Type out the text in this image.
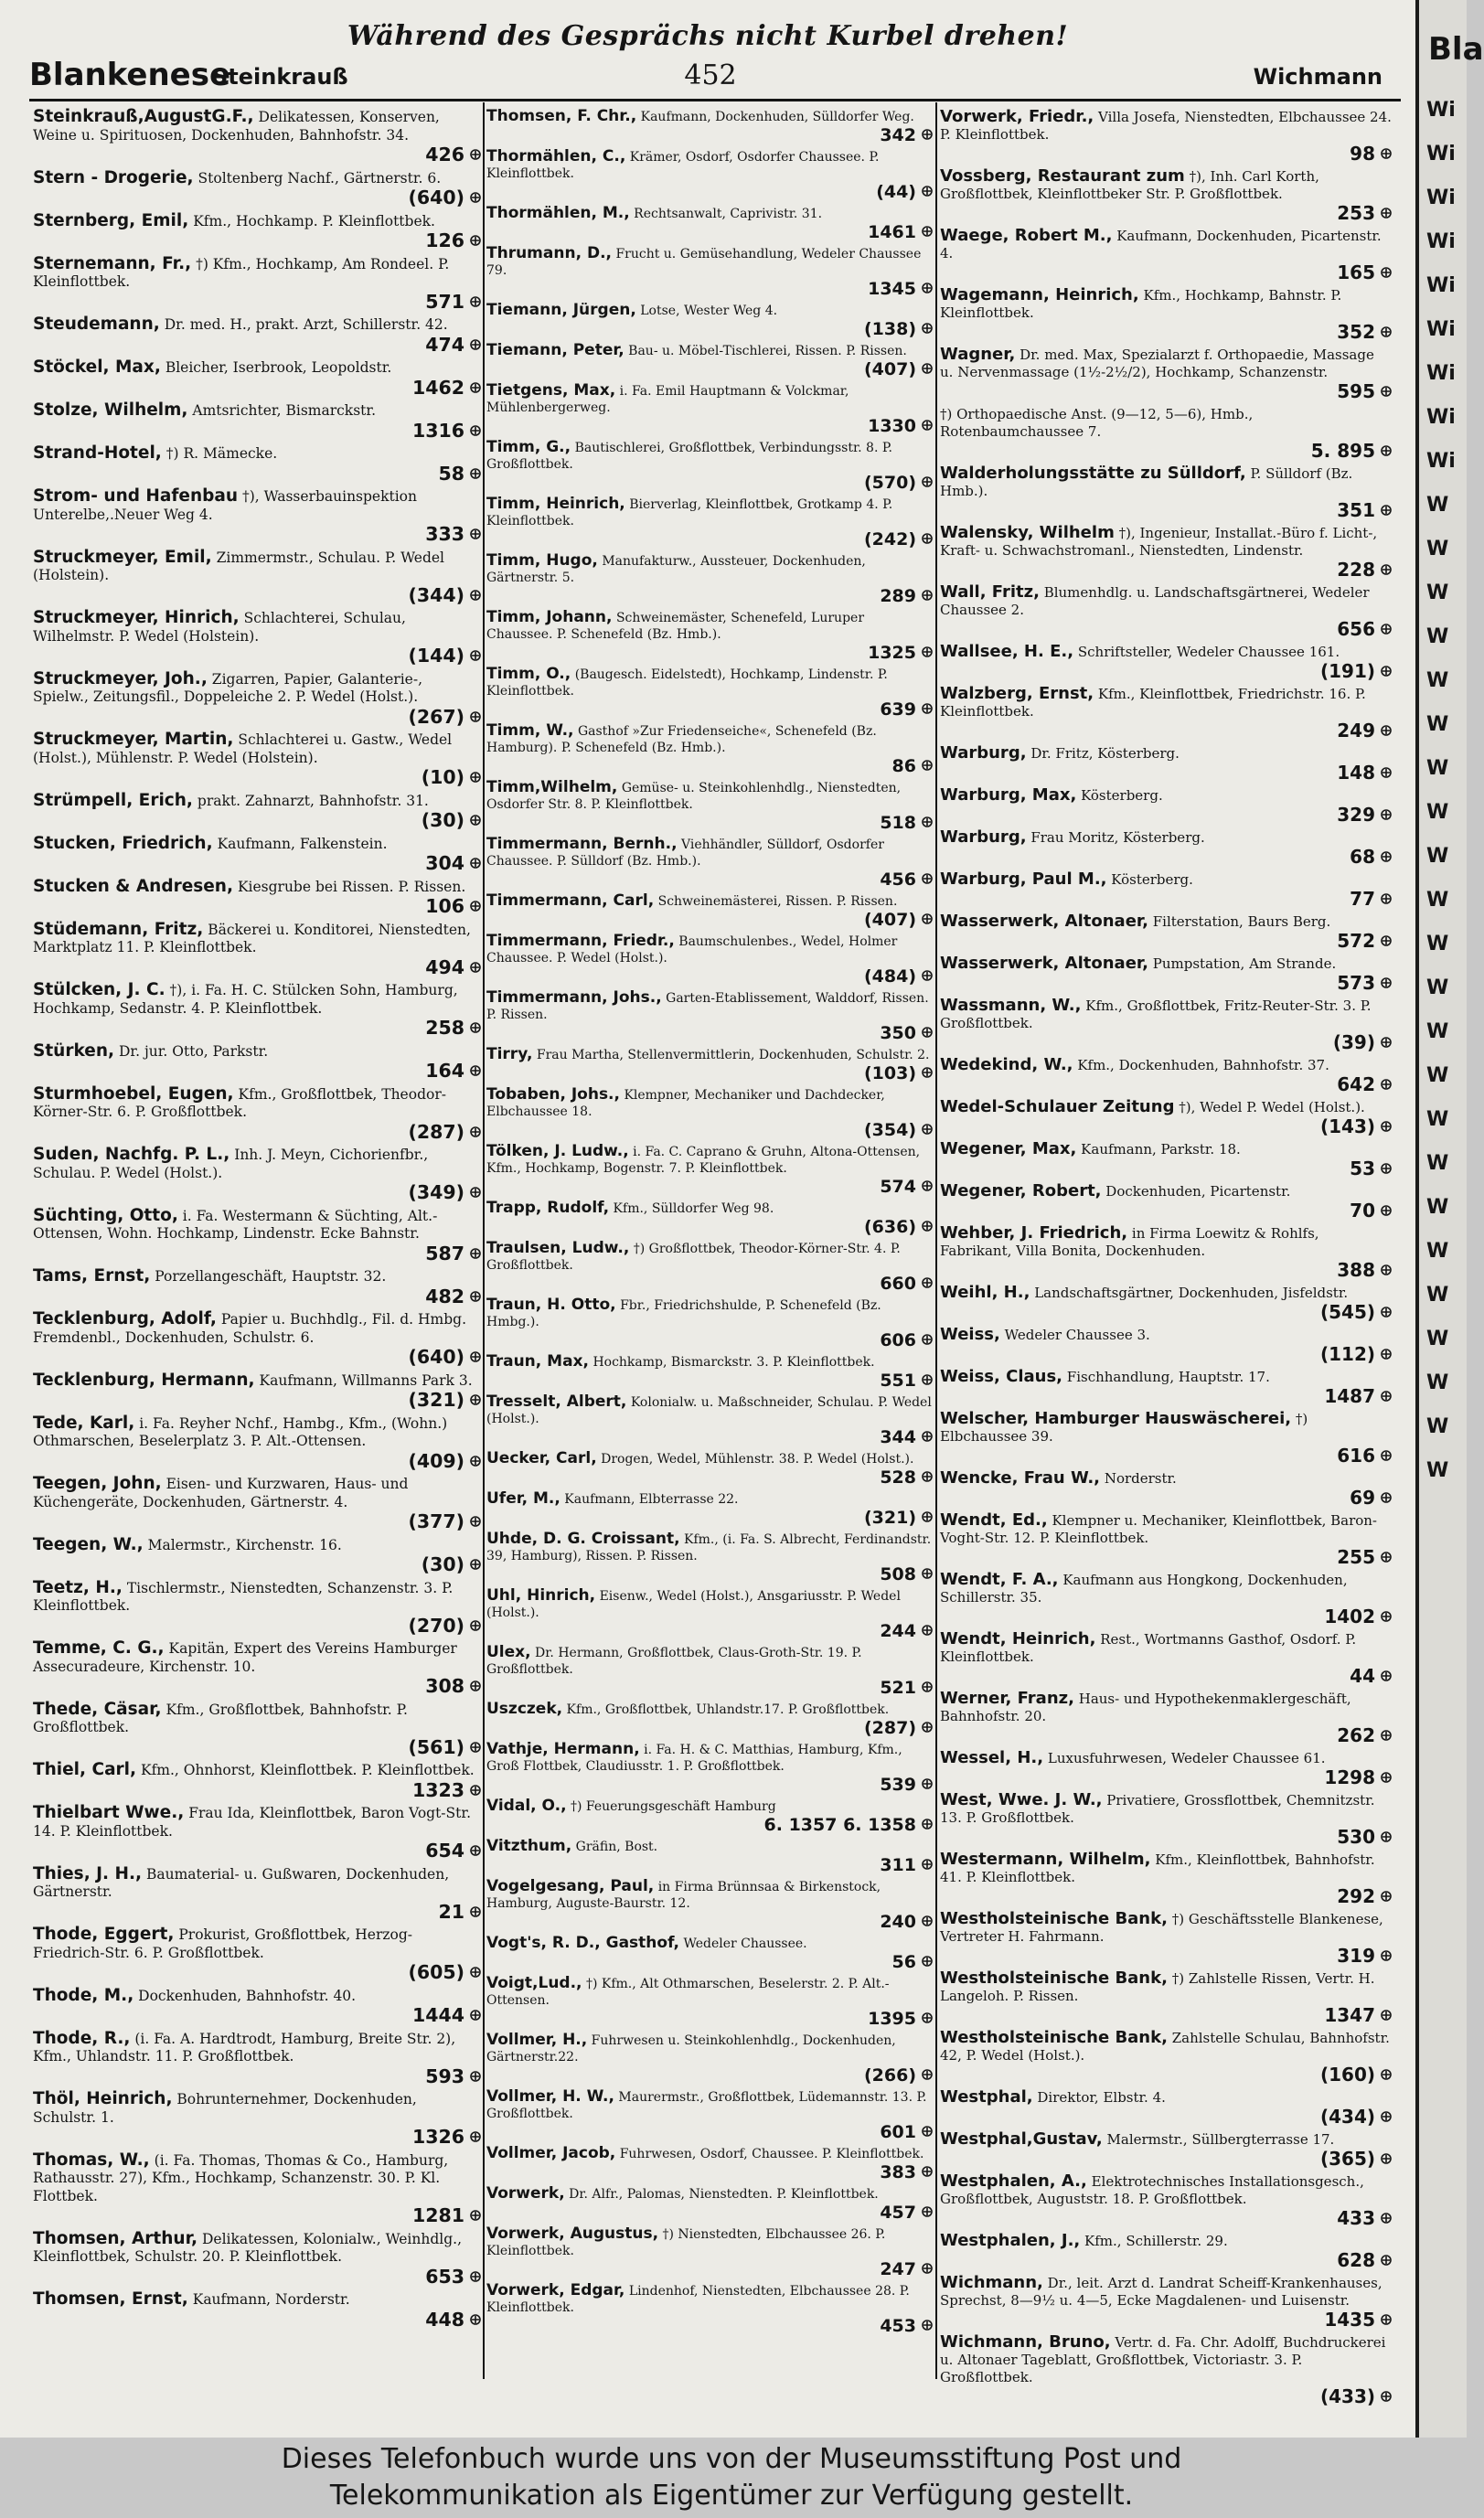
Während des Gesprächs nicht Kurbel drehen!
Blankenese
Steinkrauß	452	Wichmann
Steinkrauß,AugustG.F., Delikatessen, Konserven, Weine u. Spirituosen, Dockenhuden, Bahnhofstr. 34.
426
Stern - Drogerie, Stoltenberg Nachf., Gärtnerstr. 6.
(640)
Sternberg, Emil, Kfm., Hochkamp. P. Kleinflottbek.
126
Sternemann, Fr., †) Kfm., Hochkamp, Am Rondeel. P. Kleinflottbek.
571
Steudemann, Dr. med. H., prakt. Arzt, Schillerstr. 42.
474
Stöckel, Max, Bleicher, Iserbrook, Leopoldstr.
1462
Stolze, Wilhelm, Amtsrichter, Bismarckstr.
1316
Strand-Hotel, †) R. Mämecke.
58
Strom- und Hafenbau †), Wasserbauinspektion Unterelbe,.Neuer Weg 4.
333
Struckmeyer, Emil, Zimmermstr., Schulau. P. Wedel (Holstein).
(344)
Struckmeyer, Hinrich, Schlachterei, Schulau, Wilhelmstr. P. Wedel (Holstein).
(144)
Struckmeyer, Joh., Zigarren, Papier, Galanterie-, Spielw., Zeitungsfil., Doppeleiche 2. P. Wedel (Holst.).
(267)
Struckmeyer, Martin, Schlachterei u. Gastw., Wedel (Holst.), Mühlenstr. P. Wedel (Holstein).
(10)
Strümpell, Erich, prakt. Zahnarzt, Bahnhofstr. 31.
(30)
Stucken, Friedrich, Kaufmann, Falkenstein.
304
Stucken & Andresen, Kiesgrube bei Rissen. P. Rissen.
106
Stüdemann, Fritz, Bäckerei u. Konditorei, Nienstedten, Marktplatz 11. P. Kleinflottbek.
494
Stülcken, J. C. †), i. Fa. H. C. Stülcken Sohn, Hamburg, Hochkamp, Sedanstr. 4. P. Kleinflottbek.
258
Stürken, Dr. jur. Otto, Parkstr.
164
Sturmhoebel, Eugen, Kfm., Großflottbek, Theodor-Körner-Str. 6. P. Großflottbek.
(287)
Suden, Nachfg. P. L., Inh. J. Meyn, Cichorienfbr., Schulau. P. Wedel (Holst.).
(349)
Süchting, Otto, i. Fa. Westermann & Süchting, Alt.-Ottensen, Wohn. Hochkamp, Lindenstr. Ecke Bahnstr.
587
Tams, Ernst, Porzellangeschäft, Hauptstr. 32.
482
Tecklenburg, Adolf, Papier u. Buchhdlg., Fil. d. Hmbg. Fremdenbl., Dockenhuden, Schulstr. 6.
(640)
Tecklenburg, Hermann, Kaufmann, Willmanns Park 3.
(321)
Tede, Karl, i. Fa. Reyher Nchf., Hambg., Kfm., (Wohn.) Othmarschen, Beselerplatz 3. P. Alt.-Ottensen.
(409)
Teegen, John, Eisen- und Kurzwaren, Haus- und Küchengeräte, Dockenhuden, Gärtnerstr. 4.
(377)
Teegen, W., Malermstr., Kirchenstr. 16.
(30)
Teetz, H., Tischlermstr., Nienstedten, Schanzenstr. 3. P. Kleinflottbek.
(270)
Temme, C. G., Kapitän, Expert des Vereins Hamburger Assecuradeure, Kirchenstr. 10.
308
Thede, Cäsar, Kfm., Großflottbek, Bahnhofstr. P. Großflottbek.
(561)
Thiel, Carl, Kfm., Ohnhorst, Kleinflottbek. P. Kleinflottbek.
1323
Thielbart Wwe., Frau Ida, Kleinflottbek, Baron Vogt-Str. 14. P. Kleinflottbek.
654
Thies, J. H., Baumaterial- u. Gußwaren, Dockenhuden, Gärtnerstr.
21
Thode, Eggert, Prokurist, Großflottbek, Herzog-Friedrich-Str. 6. P. Großflottbek.
(605)
Thode, M., Dockenhuden, Bahnhofstr. 40.
1444
Thode, R., (i. Fa. A. Hardtrodt, Hamburg, Breite Str. 2), Kfm., Uhlandstr. 11. P. Großflottbek.
593
Thöl, Heinrich, Bohrunternehmer, Dockenhuden, Schulstr. 1.
1326
Thomas, W., (i. Fa. Thomas, Thomas & Co., Hamburg, Rathausstr. 27), Kfm., Hochkamp, Schanzenstr. 30. P. Kl. Flottbek.
1281
Thomsen, Arthur, Delikatessen, Kolonialw., Weinhdlg., Kleinflottbek, Schulstr. 20. P. Kleinflottbek.
653
Thomsen, Ernst, Kaufmann, Norderstr.
448
Thomsen, F. Chr., Kaufmann, Dockenhuden, Sülldorfer Weg.
342
Thormählen, C., Krämer, Osdorf, Osdorfer Chaussee. P. Kleinflottbek.
(44)
Thormählen, M., Rechtsanwalt, Caprivistr. 31.
1461
Thrumann, D., Frucht u. Gemüsehandlung, Wedeler Chaussee 79.
1345
Tiemann, Jürgen, Lotse, Wester Weg 4.
(138)
Tiemann, Peter, Bau- u. Möbel-Tischlerei, Rissen. P. Rissen.
(407)
Tietgens, Max, i. Fa. Emil Hauptmann & Volckmar, Mühlenbergerweg.
1330
Timm, G., Bautischlerei, Großflottbek, Verbindungsstr. 8. P. Großflottbek.
(570)
Timm, Heinrich, Bierverlag, Kleinflottbek, Grotkamp 4. P. Kleinflottbek.
(242)
Timm, Hugo, Manufakturw., Aussteuer, Dockenhuden, Gärtnerstr. 5.
289
Timm, Johann, Schweinemäster, Schenefeld, Luruper Chaussee. P. Schenefeld (Bz. Hmb.).
1325
Timm, O., (Baugesch. Eidelstedt), Hochkamp, Lindenstr. P. Kleinflottbek.
639
Timm, W., Gasthof »Zur Friedenseiche«, Schenefeld (Bz. Hamburg). P. Schenefeld (Bz. Hmb.).
86
Timm,Wilhelm, Gemüse- u. Steinkohlenhdlg., Nienstedten, Osdorfer Str. 8. P. Kleinflottbek.
518
Timmermann, Bernh., Viehhändler, Sülldorf, Osdorfer Chaussee. P. Sülldorf (Bz. Hmb.).
456
Timmermann, Carl, Schweinemästerei, Rissen. P. Rissen.
(407)
Timmermann, Friedr., Baumschulenbes., Wedel, Holmer Chaussee. P. Wedel (Holst.).
(484)
Timmermann, Johs., Garten-Etablissement, Walddorf, Rissen. P. Rissen.
350
Tirry, Frau Martha, Stellenvermittlerin, Dockenhuden, Schulstr. 2.
(103)
Tobaben, Johs., Klempner, Mechaniker und Dachdecker, Elbchaussee 18.
(354)
Tölken, J. Ludw., i. Fa. C. Caprano & Gruhn, Altona-Ottensen, Kfm., Hochkamp, Bogenstr. 7. P. Kleinflottbek.
574
Trapp, Rudolf, Kfm., Sülldorfer Weg 98.
(636)
Traulsen, Ludw., †) Großflottbek, Theodor-Körner-Str. 4. P. Großflottbek.
660
Traun, H. Otto, Fbr., Friedrichshulde, P. Schenefeld (Bz. Hmbg.).
606
Traun, Max, Hochkamp, Bismarckstr. 3. P. Kleinflottbek.
551
Tresselt, Albert, Kolonialw. u. Maßschneider, Schulau. P. Wedel (Holst.).
344
Uecker, Carl, Drogen, Wedel, Mühlenstr. 38. P. Wedel (Holst.).
528
Ufer, M., Kaufmann, Elbterrasse 22.
(321)
Uhde, D. G. Croissant, Kfm., (i. Fa. S. Albrecht, Ferdinandstr. 39, Hamburg), Rissen. P. Rissen.
508
Uhl, Hinrich, Eisenw., Wedel (Holst.), Ansgariusstr. P. Wedel (Holst.).
244
Ulex, Dr. Hermann, Großflottbek, Claus-Groth-Str. 19. P. Großflottbek.
521
Uszczek, Kfm., Großflottbek, Uhlandstr.17. P. Großflottbek.
(287)
Vathje, Hermann, i. Fa. H. & C. Matthias, Hamburg, Kfm., Groß Flottbek, Claudiusstr. 1. P. Großflottbek.
539
Vidal, O., †) Feuerungsgeschäft Hamburg
6. 1357 6. 1358
Vitzthum, Gräfin, Bost.
311
Vogelgesang, Paul, in Firma Brünnsaa & Birkenstock, Hamburg, Auguste-Baurstr. 12.
240
Vogt's, R. D., Gasthof, Wedeler Chaussee.
56
Voigt,Lud., †) Kfm., Alt Othmarschen, Beselerstr. 2. P. Alt.-Ottensen.
1395
Vollmer, H., Fuhrwesen u. Steinkohlenhdlg., Dockenhuden, Gärtnerstr.22.
(266)
Vollmer, H. W., Maurermstr., Großflottbek, Lüdemannstr. 13. P. Großflottbek.
601
Vollmer, Jacob, Fuhrwesen, Osdorf, Chaussee. P. Kleinflottbek.
383
Vorwerk, Dr. Alfr., Palomas, Nienstedten. P. Kleinflottbek.
457
Vorwerk, Augustus, †) Nienstedten, Elbchaussee 26. P. Kleinflottbek.
247
Vorwerk, Edgar, Lindenhof, Nienstedten, Elbchaussee 28. P. Kleinflottbek.
453
Vorwerk, Friedr., Villa Josefa, Nienstedten, Elbchaussee 24. P. Kleinflottbek.
98
Vossberg, Restaurant zum †), Inh. Carl Korth, Großflottbek, Kleinflottbeker Str. P. Großflottbek.
253
Waege, Robert M., Kaufmann, Dockenhuden, Picartenstr. 4.
165
Wagemann, Heinrich, Kfm., Hochkamp, Bahnstr. P. Kleinflottbek.
352
Wagner, Dr. med. Max, Spezialarzt f. Orthopaedie, Massage u. Nervenmassage (1½-2½/2), Hochkamp, Schanzenstr.
595
†) Orthopaedische Anst. (9—12, 5—6), Hmb., Rotenbaumchaussee 7.
5. 895
Walderholungsstätte zu Sülldorf, P. Sülldorf (Bz. Hmb.).
351
Walensky, Wilhelm †), Ingenieur, Installat.-Büro f. Licht-, Kraft- u. Schwachstromanl., Nienstedten, Lindenstr.
228
Wall, Fritz, Blumenhdlg. u. Landschaftsgärtnerei, Wedeler Chaussee 2.
656
Wallsee, H. E., Schriftsteller, Wedeler Chaussee 161.
(191)
Walzberg, Ernst, Kfm., Kleinflottbek, Friedrichstr. 16. P. Kleinflottbek.
249
Warburg, Dr. Fritz, Kösterberg.
148
Warburg, Max, Kösterberg.
329
Warburg, Frau Moritz, Kösterberg.
68
Warburg, Paul M., Kösterberg.
77
Wasserwerk, Altonaer, Filterstation, Baurs Berg.
572
Wasserwerk, Altonaer, Pumpstation, Am Strande.
573
Wassmann, W., Kfm., Großflottbek, Fritz-Reuter-Str. 3. P. Großflottbek.
(39)
Wedekind, W., Kfm., Dockenhuden, Bahnhofstr. 37.
642
Wedel-Schulauer Zeitung †), Wedel P. Wedel (Holst.).
(143)
Wegener, Max, Kaufmann, Parkstr. 18.
53
Wegener, Robert, Dockenhuden, Picartenstr.
70
Wehber, J. Friedrich, in Firma Loewitz & Rohlfs, Fabrikant, Villa Bonita, Dockenhuden.
388
Weihl, H., Landschaftsgärtner, Dockenhuden, Jisfeldstr.
(545)
Weiss, Wedeler Chaussee 3.
(112)
Weiss, Claus, Fischhandlung, Hauptstr. 17.
1487
Welscher, Hamburger Hauswäscherei, †) Elbchaussee 39.
616
Wencke, Frau W., Norderstr.
69
Wendt, Ed., Klempner u. Mechaniker, Kleinflottbek, Baron-Voght-Str. 12. P. Kleinflottbek.
255
Wendt, F. A., Kaufmann aus Hongkong, Dockenhuden, Schillerstr. 35.
1402
Wendt, Heinrich, Rest., Wortmanns Gasthof, Osdorf. P. Kleinflottbek.
44
Werner, Franz, Haus- und Hypothekenmaklergeschäft, Bahnhofstr. 20.
262
Wessel, H., Luxusfuhrwesen, Wedeler Chaussee 61.
1298
West, Wwe. J. W., Privatiere, Grossflottbek, Chemnitzstr. 13. P. Großflottbek.
530
Westermann, Wilhelm, Kfm., Kleinflottbek, Bahnhofstr. 41. P. Kleinflottbek.
292
Westholsteinische Bank, †) Geschäftsstelle Blankenese, Vertreter H. Fahrmann.
319
Westholsteinische Bank, †) Zahlstelle Rissen, Vertr. H. Langeloh. P. Rissen.
1347
Westholsteinische Bank, Zahlstelle Schulau, Bahnhofstr. 42, P. Wedel (Holst.).
(160)
Westphal, Direktor, Elbstr. 4.
(434)
Westphal,Gustav, Malermstr., Süllbergterrasse 17.
(365)
Westphalen, A., Elektrotechnisches Installationsgesch., Großflottbek, Auguststr. 18. P. Großflottbek.
433
Westphalen, J., Kfm., Schillerstr. 29.
628
Wichmann, Dr., leit. Arzt d. Landrat Scheiff-Krankenhauses, Sprechst, 8—9½ u. 4—5, Ecke Magdalenen- und Luisenstr.
1435
Wichmann, Bruno, Vertr. d. Fa. Chr. Adolff, Buchdruckerei u. Altonaer Tageblatt, Großflottbek, Victoriastr. 3. P. Großflottbek.
(433)
Bla
Wi
Wi
Wi
Wi
Wi
Wi
Wi
Wi
Wi
W
W
W
W
W
W
W
W
W
W
W
W
W
W
W
W
W
W
W
W
W
W
W
Dieses Telefonbuch wurde uns von der Museumsstiftung Post und
Telekommunikation als Eigentümer zur Verfügung gestellt.
